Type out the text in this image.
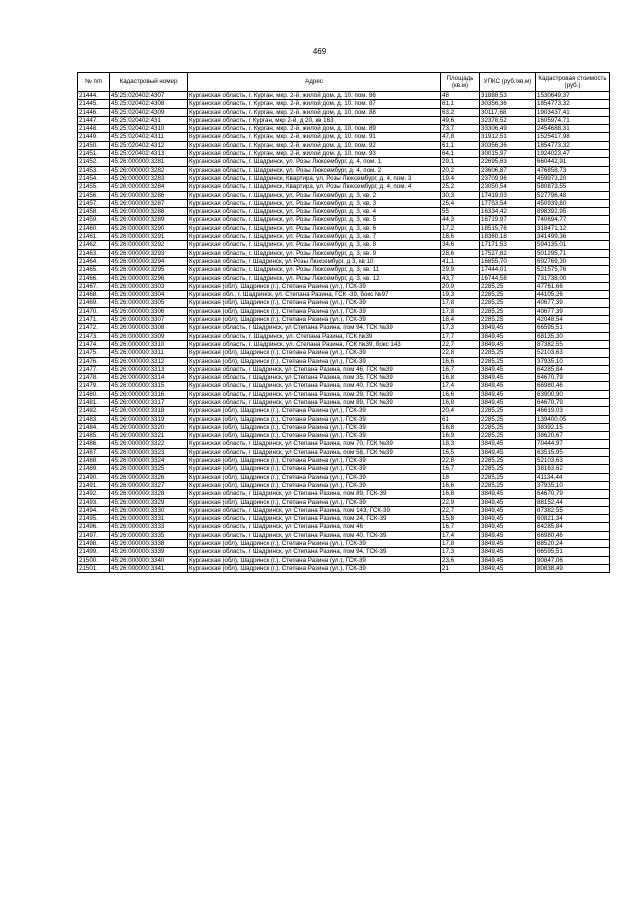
469
№ п/п	Кадастровый номер	Адрес	Площадь (кв.м)	УПКС (руб./кв.м)	Кадастровая стоимость (руб.)
21444.	45:25:020402:4307	Курганская область, г. Курган, мкр. 2-й, жилой дом, д. 10, пом. 86	48	31888,53	1530649,37
21445.	45:25:020402:4308	Курганская область, г. Курган, мкр. 2-й, жилой дом, д. 10, пом. 87	61,1	30356,36	1854773,32
21446.	45:25:020402:4309	Курганская область, г. Курган, мкр. 2-й, жилой дом, д. 10, пом. 88	63,2	30117,68	1903437,41
21447.	45:25:020402:431	Курганская область, г Курган, мкр 2-й, д 20, кв 163	49,6	32378,52	1605974,71
21448.	45:25:020402:4310	Курганская область, г. Курган, мкр. 2-й, жилой дом, д. 10, пом. 89	73,7	33306,49	2454688,31
21449.	45:25:020402:4311	Курганская область, г. Курган, мкр. 2-й, жилой дом, д. 10, пом. 91	47,8	31912,51	1525417,98
21450.	45:25:020402:4312	Курганская область, г. Курган, мкр. 2-й, жилой дом, д. 10, пом. 92	61,1	30356,36	1854773,32
21451.	45:25:020402:4313	Курганская область, г. Курган, мкр. 2-й, жилой дом, д. 10, пом. 93	64,1	30015,97	1924023,47
21452.	45:26:000000:3281	Курганская область, г. Шадринск, ул. Розы Люксембург, д. 4, пом. 1	29,1	22695,63	660442,91
21453.	45:26:000000:3282	Курганская область, г. Шадринск, ул. Розы Люксембург, д. 4, пом. 2	20,2	23606,87	476858,73
21454.	45:26:000000:3283	Курганская область, г. Шадринск, Квартира, ул. Розы Люксембург, д. 4, пом. 3	19,4	23709,96	459973,20
21455.	45:26:000000:3284	Курганская область, г. Шадринск, Квартира, ул. Розы Люксембург, д. 4, пом. 4	25,2	23050,54	580873,55
21456.	45:26:000000:3286	Курганская область, г. Шадринск, ул. Розы Люксембург, д. 3, кв. 2	30,3	17419,03	527796,48
21457.	45:26:000000:3287	Курганская область, г. Шадринск, ул. Розы Люксембург, д. 3, кв. 3	25,4	17753,54	450939,80
21458.	45:26:000000:3288	Курганская область, г. Шадринск, ул. Розы Люксембург, д. 3, кв. 4	55	16334,42	898392,95
21459.	45:26:000000:3289	Курганская область, г. Шадринск, ул. Розы Люксембург, д. 3, кв. 5	44,3	16719,97	740694,77
21460.	45:26:000000:3290	Курганская область, г. Шадринск, ул. Розы Люксембург, д. 3, кв. 6	17,2	18515,76	318471,12
21461.	45:26:000000:3291	Курганская область, г. Шадринск, ул. Розы Люксембург, д. 3, кв. 7	18,6	18360,18	341499,36
21462.	45:26:000000:3292	Курганская область, г. Шадринск, ул. Розы Люксембург, д. 3, кв. 8	34,6	17171,53	594135,01
21463.	45:26:000000:3293	Курганская область, г. Шадринск, ул. Розы Люксембург, д. 3, кв. 9	28,6	17527,82	501295,71
21464.	45:26:000000:3294	Курганская область, г Шадринск, ул Розы Люксембург, д 3, кв 10	41,1	16855,70	692769,30
21465.	45:26:000000:3295	Курганская область, г. Шадринск, ул. Розы Люксембург, д. 3, кв. 11	29,9	17444,01	521575,76
21466.	45:26:000000:3296	Курганская область, г. Шадринск, ул. Розы Люксембург, д. 3, кв. 12	43,7	16744,58	731738,00
21467.	45:26:000000:3303	Курганская (обл), Шадринск (г.), Степана Разина (ул.), ГСК-39	20,9	2285,25	47761,66
21468.	45:26:000000:3304	Курганская обл., г. Шадринск, ул. Степана Разина, ГСК -39, бокс №97	19,3	2285,25	44105,26
21469.	45:26:000000:3305	Курганская (обл), Шадринск (г.), Степана Разина (ул.), ГСК-39	17,8	2285,25	40677,39
21470.	45:26:000000:3306	Курганская (обл), Шадринск (г.), Степана Разина (ул.), ГСК-39	17,8	2285,25	40677,39
21471.	45:26:000000:3307	Курганская (обл), Шадринск (г.), Степана Разина (ул.), ГСК-39	18,4	2285,25	42048,54
21472.	45:26:000000:3308	Курганская область, г Шадринск, ул Степана Разина, пом 94, ГСК №39	17,3	3849,45	66595,51
21473.	45:26:000000:3309	Курганская область, г. Шадринск, ул. Степана Разина, ГСК №39	17,7	3849,45	68135,30
21474.	45:26:000000:3310	Курганская область, г. Шадринск, ул. Степана Разина, ГСК №39, бокс 143	22,7	3849,45	87382,55
21475.	45:26:000000:3311	Курганская (обл), Шадринск (г.), Степана Разина (ул.), ГСК-39	22,8	2285,25	52103,63
21476.	45:26:000000:3312	Курганская (обл), Шадринск (г.), Степана Разина (ул.), ГСК-39	16,6	2285,25	37935,10
21477.	45:26:000000:3313	Курганская область, г Шадринск, ул Степана Разина, пом 46, ГСК №39	16,7	3849,45	64285,84
21478.	45:26:000000:3314	Курганская область, г Шадринск, ул Степана Разина, пом 35, ГСК №39	16,8	3849,45	64670,79
21479.	45:26:000000:3315	Курганская область, г Шадринск, ул Степана Разина, пом 40, ГСК №39	17,4	3849,45	66980,46
21480.	45:26:000000:3316	Курганская область, г Шадринск, ул Степана Разина, пом 29, ГСК №39	16,6	3849,45	63900,90
21481.	45:26:000000:3317	Курганская область, г Шадринск, ул Степана Разина, пом 89, ГСК №39	16,8	3849,45	64670,79
21482.	45:26:000000:3318	Курганская (обл), Шадринск (г.), Степана Разина (ул.), ГСК-39	20,4	2285,25	46619,03
21483.	45:26:000000:3319	Курганская (обл), Шадринск (г.), Степана Разина (ул.), ГСК-39	61	2285,25	139400,05
21484.	45:26:000000:3320	Курганская (обл), Шадринск (г.), Степана Разина (ул.), ГСК-39	16,8	2285,25	38392,15
21485.	45:26:000000:3321	Курганская (обл), Шадринск (г.), Степана Разина (ул.), ГСК-39	16,9	2285,25	38620,67
21486.	45:26:000000:3322	Курганская область, г Шадринск, ул Степана Разина, пом 70, ГСК №39	18,3	3849,45	70444,97
21487.	45:26:000000:3323	Курганская область, г Шадринск, ул Степана Разина, пом 58, ГСК №39	16,5	3849,45	63515,95
21488.	45:26:000000:3324	Курганская (обл), Шадринск (г.), Степана Разина (ул.), ГСК-39	22,8	2285,25	52103,63
21489.	45:26:000000:3325	Курганская (обл), Шадринск (г.), Степана Разина (ул.), ГСК-39	16,7	2285,25	38163,62
21490.	45:26:000000:3326	Курганская (обл), Шадринск (г.), Степана Разина (ул.), ГСК-39	18	2285,25	41134,44
21491.	45:26:000000:3327	Курганская (обл), Шадринск (г.), Степана Разина (ул.), ГСК-39	16,6	2285,25	37935,10
21492.	45:26:000000:3328	Курганская область, г Шадринск, ул Степана Разина, пом 89, ГСК-39	16,8	3849,45	64670,79
21493.	45:26:000000:3329	Курганская (обл), Шадринск (г.), Степана Разина (ул.), ГСК-39	22,9	3849,45	88152,44
21494.	45:26:000000:3330	Курганская область, г Шадринск, ул Степана Разина, пом 143, ГСК-39	22,7	3849,45	87382,55
21495.	45:26:000000:3331	Курганская область, г Шадринск, ул Степана Разина, пом 24, ГСК-39	15,8	3849,45	60821,34
21496.	45:26:000000:3333	Курганская область, г Шадринск, ул Степана Разина, пом 46	16,7	3849,45	64285,84
21497.	45:26:000000:3335	Курганская область, г Шадринск, ул Степана Разина, пом 40, ГСК-39	17,4	3849,45	66980,46
21498.	45:26:000000:3338	Курганская (обл), Шадринск (г.), Степана Разина (ул.), ГСК-39	17,8	3849,45	68520,24
21499.	45:26:000000:3339	Курганская область, г Шадринск, ул Степана Разина, пом 94, ГСК-39	17,3	3849,45	66595,51
21500.	45:26:000000:3340	Курганская (обл), Шадринск (г.), Степана Разина (ул.), ГСК-39	23,6	3849,45	90847,06
21501.	45:26:000000:3341	Курганская (обл), Шадринск (г.), Степана Разина (ул.), ГСК-39	21	3849,45	80838,49
